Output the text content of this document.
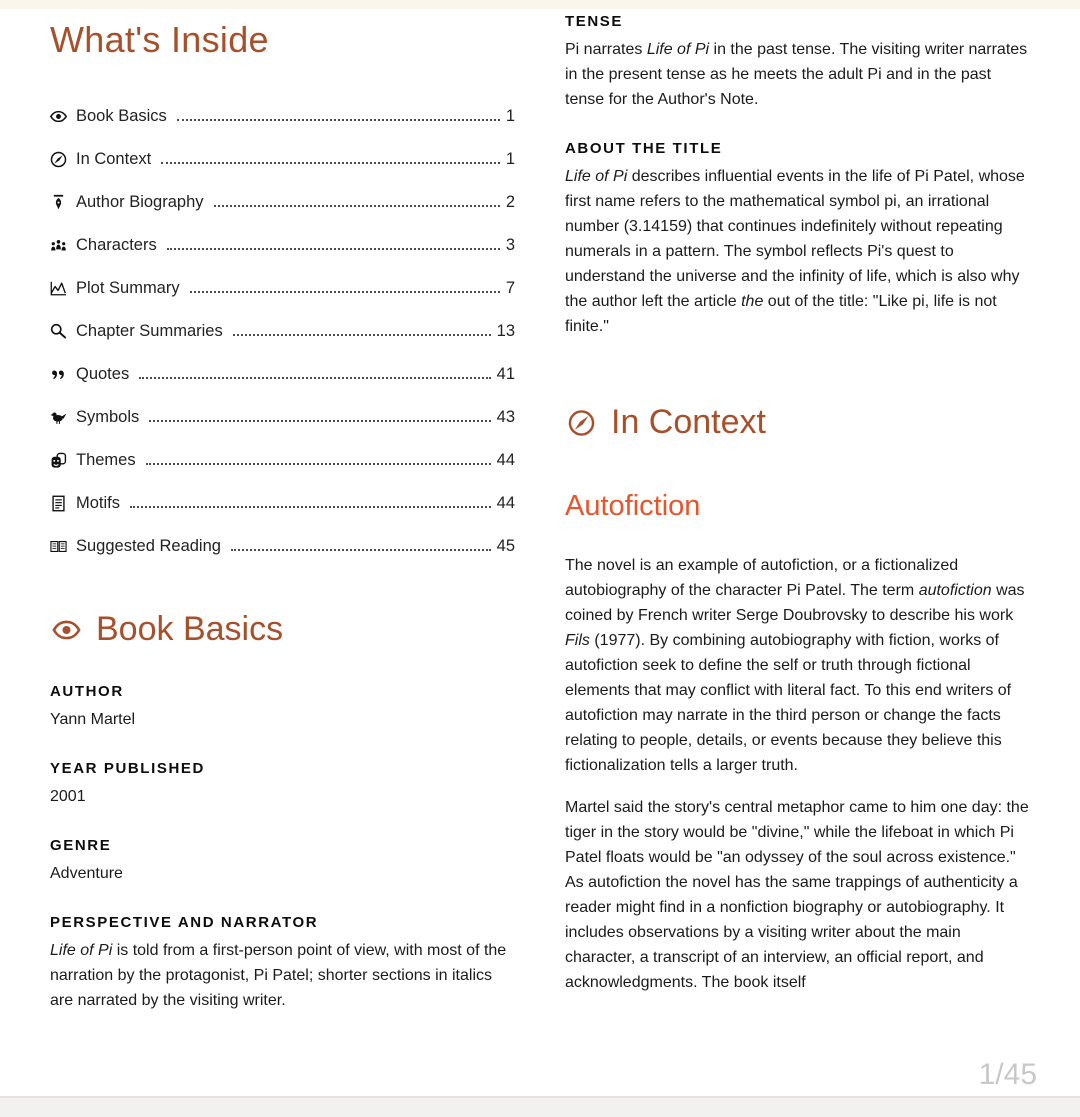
What's Inside
Book Basics	1
In Context	1
Author Biography	2
Characters	3
Plot Summary	7
Chapter Summaries	13
Quotes	41
Symbols	43
Themes	44
Motifs	44
Suggested Reading	45
Book Basics
AUTHOR

Yann Martel

YEAR PUBLISHED

2001

GENRE

Adventure

PERSPECTIVE AND NARRATOR

Life of Pi is told from a first-person point of view, with most of the narration by the protagonist, Pi Patel; shorter sections in italics are narrated by the visiting writer.

TENSE

Pi narrates Life of Pi in the past tense. The visiting writer narrates in the present tense as he meets the adult Pi and in the past tense for the Author's Note.

ABOUT THE TITLE

Life of Pi describes influential events in the life of Pi Patel, whose first name refers to the mathematical symbol pi, an irrational number (3.14159) that continues indefinitely without repeating numerals in a pattern. The symbol reflects Pi's quest to understand the universe and the infinity of life, which is also why the author left the article the out of the title: "Like pi, life is not finite."

In Context
Autofiction

The novel is an example of autofiction, or a fictionalized autobiography of the character Pi Patel. The term autofiction was coined by French writer Serge Doubrovsky to describe his work Fils (1977). By combining autobiography with fiction, works of autofiction seek to define the self or truth through fictional elements that may conflict with literal fact. To this end writers of autofiction may narrate in the third person or change the facts relating to people, details, or events because they believe this fictionalization tells a larger truth.

Martel said the story's central metaphor came to him one day: the tiger in the story would be "divine," while the lifeboat in which Pi Patel floats would be "an odyssey of the soul across existence." As autofiction the novel has the same trappings of authenticity a reader might find in a nonfiction biography or autobiography. It includes observations by a visiting writer about the main character, a transcript of an interview, an official report, and acknowledgments. The book itself

1/45
